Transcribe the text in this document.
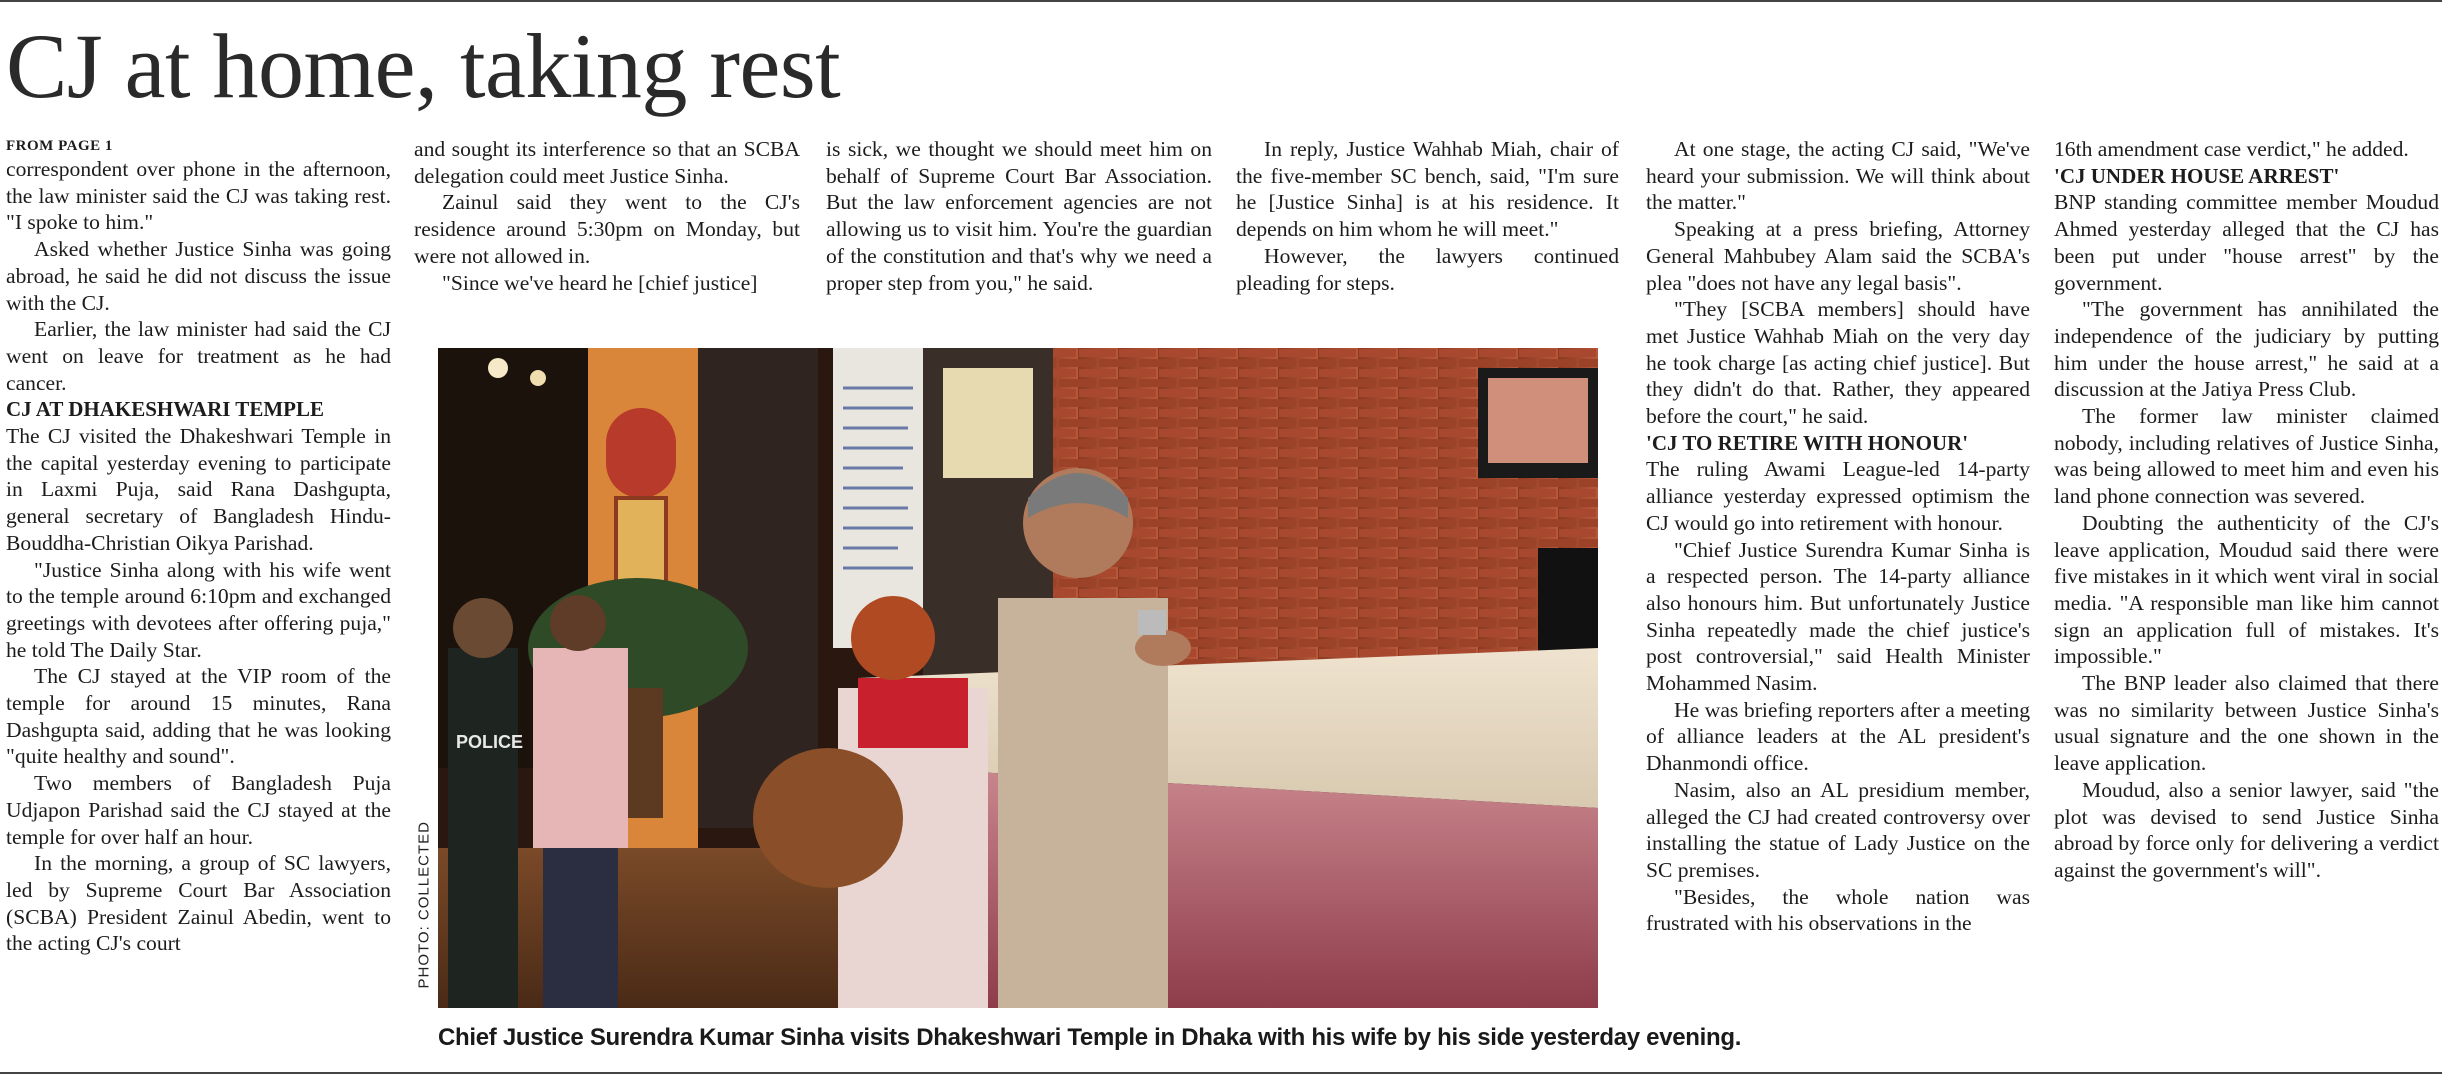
CJ at home, taking rest
FROM PAGE 1

correspondent over phone in the afternoon, the law minister said the CJ was taking rest. "I spoke to him."

Asked whether Justice Sinha was going abroad, he said he did not discuss the issue with the CJ.

Earlier, the law minister had said the CJ went on leave for treatment as he had cancer.

CJ AT DHAKESHWARI TEMPLE

The CJ visited the Dhakeshwari Temple in the capital yesterday evening to participate in Laxmi Puja, said Rana Dashgupta, general secretary of Bangladesh Hindu-Bouddha-Christian Oikya Parishad.

"Justice Sinha along with his wife went to the temple around 6:10pm and exchanged greetings with devotees after offering puja," he told The Daily Star.

The CJ stayed at the VIP room of the temple for around 15 minutes, Rana Dashgupta said, adding that he was looking "quite healthy and sound".

Two members of Bangladesh Puja Udjapon Parishad said the CJ stayed at the temple for over half an hour.

In the morning, a group of SC lawyers, led by Supreme Court Bar Association (SCBA) President Zainul Abedin, went to the acting CJ's court

and sought its interference so that an SCBA delegation could meet Justice Sinha.

Zainul said they went to the CJ's residence around 5:30pm on Monday, but were not allowed in.

"Since we've heard he [chief justice]

is sick, we thought we should meet him on behalf of Supreme Court Bar Association. But the law enforcement agencies are not allowing us to visit him. You're the guardian of the constitution and that's why we need a proper step from you," he said.

In reply, Justice Wahhab Miah, chair of the five-member SC bench, said, "I'm sure he [Justice Sinha] is at his residence. It depends on him whom he will meet."

However, the lawyers continued pleading for steps.

At one stage, the acting CJ said, "We've heard your submission. We will think about the matter."

Speaking at a press briefing, Attorney General Mahbubey Alam said the SCBA's plea "does not have any legal basis".

"They [SCBA members] should have met Justice Wahhab Miah on the very day he took charge [as acting chief justice]. But they didn't do that. Rather, they appeared before the court," he said.

'CJ TO RETIRE WITH HONOUR'

The ruling Awami League-led 14-party alliance yesterday expressed optimism the CJ would go into retirement with honour.

"Chief Justice Surendra Kumar Sinha is a respected person. The 14-party alliance also honours him. But unfortunately Justice Sinha repeatedly made the chief justice's post controversial," said Health Minister Mohammed Nasim.

He was briefing reporters after a meeting of alliance leaders at the AL president's Dhanmondi office.

Nasim, also an AL presidium member, alleged the CJ had created controversy over installing the statue of Lady Justice on the SC premises.

"Besides, the whole nation was frustrated with his observations in the

16th amendment case verdict," he added.

'CJ UNDER HOUSE ARREST'

BNP standing committee member Moudud Ahmed yesterday alleged that the CJ has been put under "house arrest" by the government.

"The government has annihilated the independence of the judiciary by putting him under the house arrest," he said at a discussion at the Jatiya Press Club.

The former law minister claimed nobody, including relatives of Justice Sinha, was being allowed to meet him and even his land phone connection was severed.

Doubting the authenticity of the CJ's leave application, Moudud said there were five mistakes in it which went viral in social media. "A responsible man like him cannot sign an application full of mistakes. It's impossible."

The BNP leader also claimed that there was no similarity between Justice Sinha's usual signature and the one shown in the leave application.

Moudud, also a senior lawyer, said "the plot was devised to send Justice Sinha abroad by force only for delivering a verdict against the government's will".

PHOTO: COLLECTED
POLICE
Chief Justice Surendra Kumar Sinha visits Dhakeshwari Temple in Dhaka with his wife by his side yesterday evening.
